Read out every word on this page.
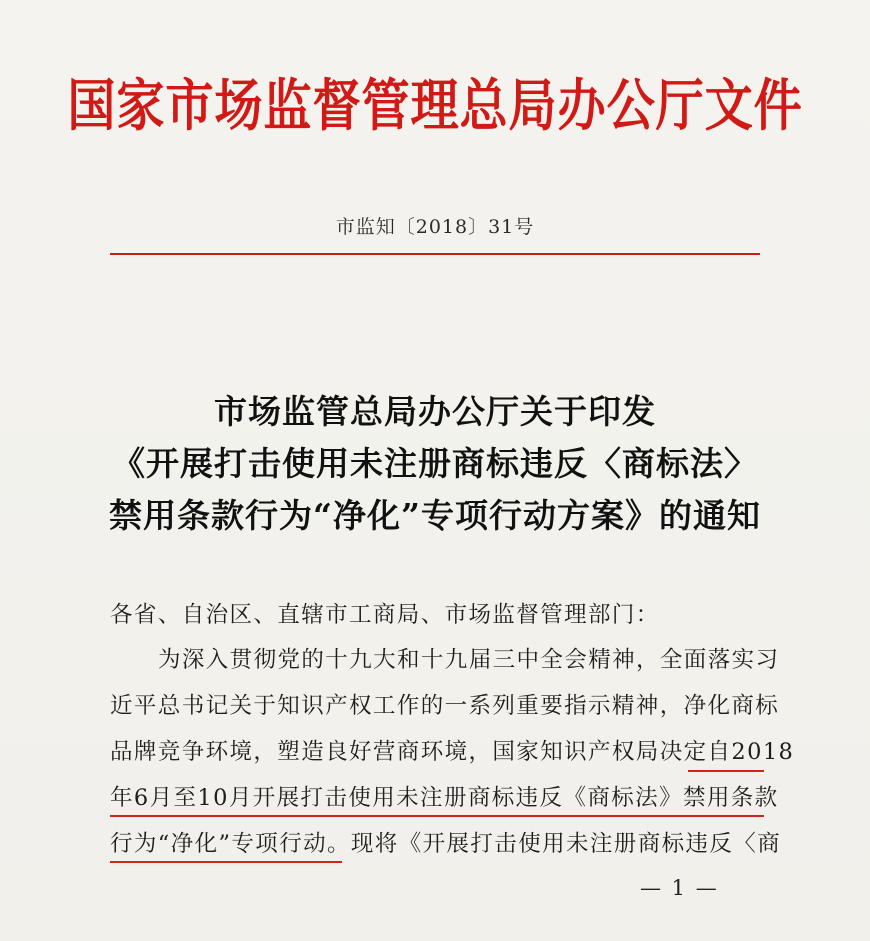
国家市场监督管理总局办公厅文件
市监知〔2018〕31号
市场监管总局办公厅关于印发
《开展打击使用未注册商标违反〈商标法〉
禁用条款行为“净化”专项行动方案》的通知
各省、自治区、直辖市工商局、市场监督管理部门：
为深入贯彻党的十九大和十九届三中全会精神，全面落实习
近平总书记关于知识产权工作的一系列重要指示精神，净化商标
品牌竞争环境，塑造良好营商环境，国家知识产权局决定自2018
年6月至10月开展打击使用未注册商标违反《商标法》禁用条款
行为“净化”专项行动。现将《开展打击使用未注册商标违反〈商
— 1 —
